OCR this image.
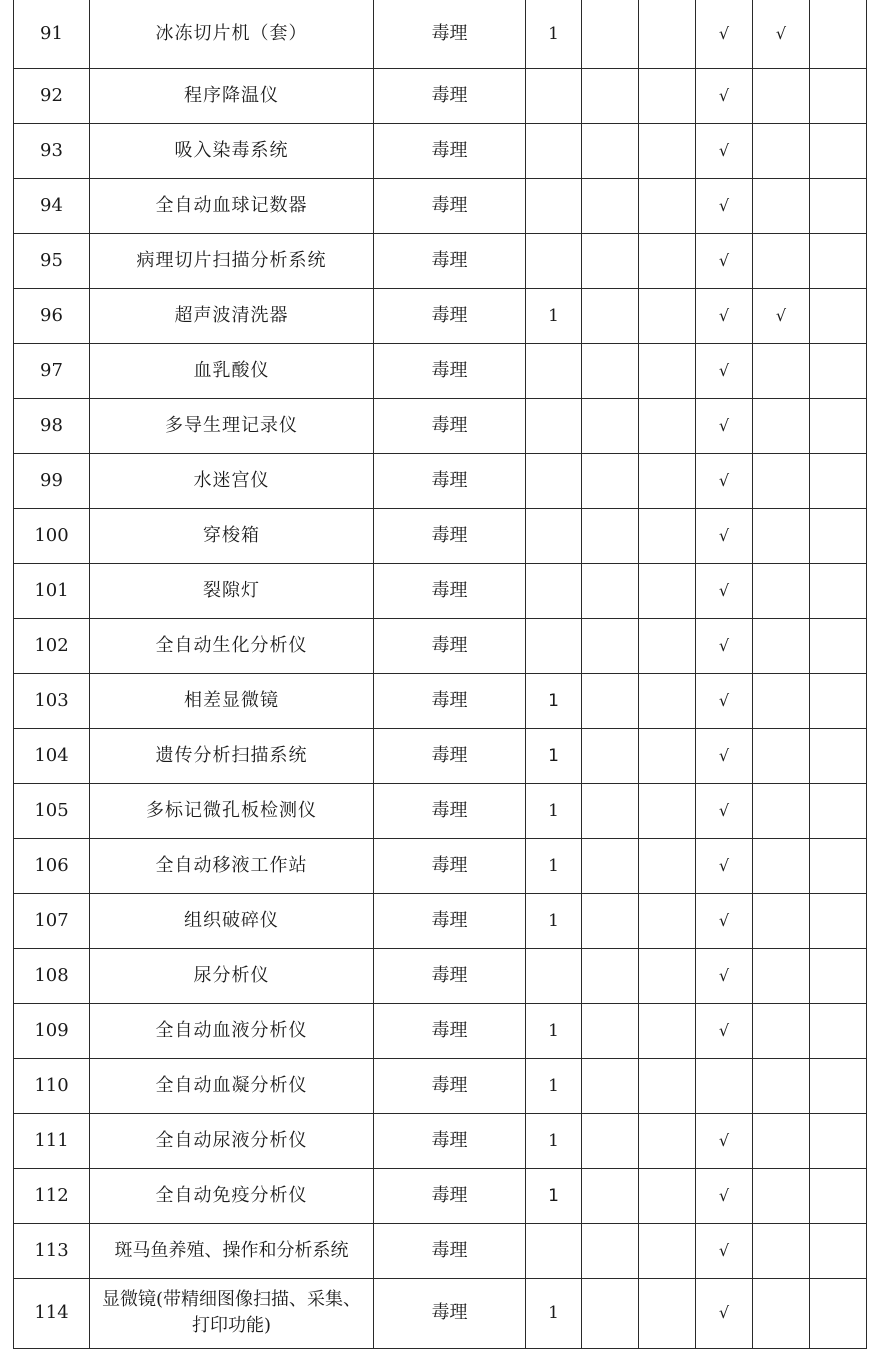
91	冰冻切片机（套）	毒理	1			√	√	
92	程序降温仪	毒理				√		
93	吸入染毒系统	毒理				√		
94	全自动血球记数器	毒理				√		
95	病理切片扫描分析系统	毒理				√		
96	超声波清洗器	毒理	1			√	√	
97	血乳酸仪	毒理				√		
98	多导生理记录仪	毒理				√		
99	水迷宫仪	毒理				√		
100	穿梭箱	毒理				√		
101	裂隙灯	毒理				√		
102	全自动生化分析仪	毒理				√		
103	相差显微镜	毒理	1			√		
104	遗传分析扫描系统	毒理	1			√		
105	多标记微孔板检测仪	毒理	1			√		
106	全自动移液工作站	毒理	1			√		
107	组织破碎仪	毒理	1			√		
108	尿分析仪	毒理				√		
109	全自动血液分析仪	毒理	1			√		
110	全自动血凝分析仪	毒理	1					
111	全自动尿液分析仪	毒理	1			√		
112	全自动免疫分析仪	毒理	1			√		
113	斑马鱼养殖、操作和分析系统	毒理				√		
114	显微镜(带精细图像扫描、采集、打印功能)	毒理	1			√		
